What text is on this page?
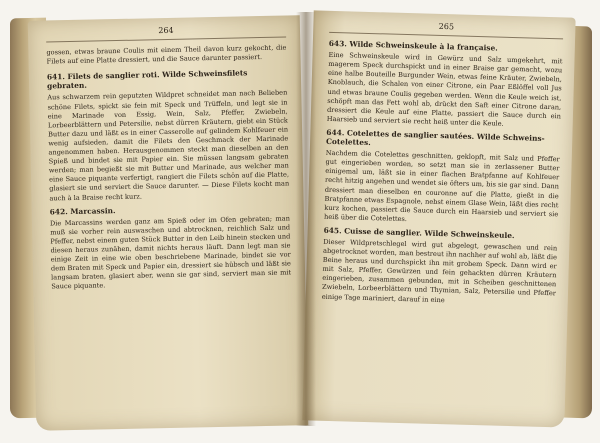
264

gossen, etwas braune Coulis mit einem Theil davon kurz gekocht, die Filets auf eine Platte dressiert, und die Sauce darunter passiert.

641. Filets de sanglier roti. Wilde Schweinsfilets gebraten.

Aus schwarzem rein geputzten Wildpret schneidet man nach Belieben schöne Filets, spickt sie fein mit Speck und Trüffeln, und legt sie in eine Marinade von Essig, Wein, Salz, Pfeffer, Zwiebeln, Lorbeerblättern und Petersilie, nebst dürren Kräutern, giebt ein Stück Butter dazu und läßt es in einer Casserolle auf gelindem Kohlfeuer ein wenig aufsieden, damit die Filets den Geschmack der Marinade angenommen haben. Herausgenommen steckt man dieselben an den Spieß und bindet sie mit Papier ein. Sie müssen langsam gebraten werden; man begießt sie mit Butter und Marinade, aus welcher man eine Sauce piquante verfertigt, rangiert die Filets schön auf die Platte, glasiert sie und serviert die Sauce darunter. — Diese Filets kocht man auch à la Braise recht kurz.

642. Marcassin.

Die Marcassins werden ganz am Spieß oder im Ofen gebraten; man muß sie vorher rein auswaschen und abtrocknen, reichlich Salz und Pfeffer, nebst einem guten Stück Butter in den Leib hinein stecken und diesen heraus zunähen, damit nichts heraus läuft. Dann legt man sie einige Zeit in eine wie oben beschriebene Marinade, bindet sie vor dem Braten mit Speck und Papier ein, dressiert sie hübsch und läßt sie langsam braten, glasiert aber, wenn sie gar sind, serviert man sie mit Sauce piquante.

265
643. Wilde Schweinskeule à la française.

Eine Schweinskeule wird in Gewürz und Salz umgekehrt, mit magerem Speck durchspickt und in einer Braise gar gemacht, wozu eine halbe Bouteille Burgunder Wein, etwas feine Kräuter, Zwiebeln, Knoblauch, die Schalen von einer Citrone, ein Paar Eßlöffel voll Jus und etwas braune Coulis gegeben werden. Wenn die Keule weich ist, schöpft man das Fett wohl ab, drückt den Saft einer Citrone daran, dressiert die Keule auf eine Platte, passiert die Sauce durch ein Haarsieb und serviert sie recht heiß unter die Keule.

644. Cotelettes de sanglier sautées. Wilde Schweins-Cotelettes.

Nachdem die Cotelettes geschnitten, geklopft, mit Salz und Pfeffer gut eingerieben worden, so setzt man sie in zerlassener Butter einigemal um, läßt sie in einer flachen Bratpfanne auf Kohlfeuer recht hitzig angehen und wendet sie öfters um, bis sie gar sind. Dann dressiert man dieselben en couronne auf die Platte, gießt in die Bratpfanne etwas Espagnole, nebst einem Glase Wein, läßt dies recht kurz kochen, passiert die Sauce durch ein Haarsieb und serviert sie heiß über die Cotelettes.

645. Cuisse de sanglier. Wilde Schweinskeule.

Dieser Wildpretschlegel wird gut abgelegt, gewaschen und rein abgetrocknet worden, man bestreut ihn nachher auf wohl ab, läßt die Beine heraus und durchspickt ihn mit grobem Speck. Dann wird er mit Salz, Pfeffer, Gewürzen und fein gehackten dürren Kräutern eingerieben, zusammen gebunden, mit in Scheiben geschnittenen Zwiebeln, Lorbeerblättern und Thymian, Salz, Petersilie und Pfeffer einige Tage mariniert, darauf in eine
